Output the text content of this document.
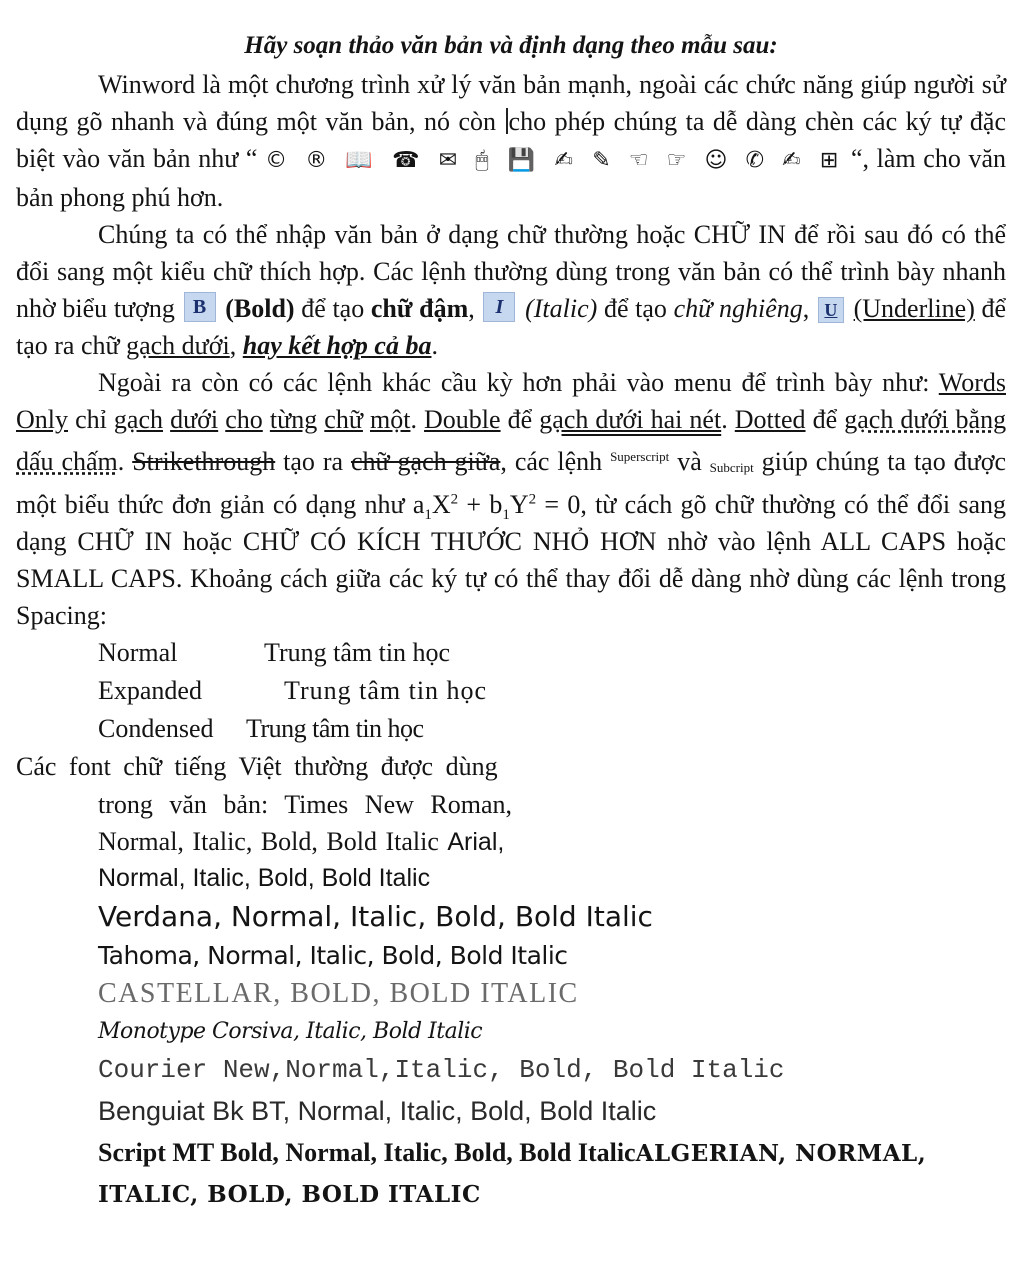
Hãy soạn thảo văn bản và định dạng theo mẫu sau:

Winword là một chương trình xử lý văn bản mạnh, ngoài các chức năng giúp người sử dụng gõ nhanh và đúng một văn bản, nó còn cho phép chúng ta dễ dàng chèn các ký tự đặc biệt vào văn bản như “ © ® 📖 ☎ ✉ 🖱 💾 ✍ ✎ ☜ ☞ ☺ ✆ ✍ ⊞ “, làm cho văn bản phong phú hơn.

Chúng ta có thể nhập văn bản ở dạng chữ thường hoặc CHỮ IN để rồi sau đó có thể đổi sang một kiểu chữ thích hợp. Các lệnh thường dùng trong văn bản có thể trình bày nhanh nhờ biểu tượng B (Bold) để tạo chữ đậm, I (Italic) để tạo chữ nghiêng, U (Underline) để tạo ra chữ gạch dưới, hay kết hợp cả ba.

Ngoài ra còn có các lệnh khác cầu kỳ hơn phải vào menu để trình bày như: Words Only chỉ gạch dưới cho từng chữ một. Double để gạch dưới hai nét. Dotted để gạch dưới bằng dấu chấm. Strikethrough tạo ra chữ gạch giữa, các lệnh $^{Superscript}$ và Subcript giúp chúng ta tạo được một biểu thức đơn giản có dạng như $a_1X^2 + b_1Y^2 = 0$, từ cách gõ chữ thường có thể đổi sang dạng CHỮ IN hoặc CHỮ CÓ KÍCH THƯỚC NHỎ HƠN nhờ vào lệnh ALL CAPS hoặc SMALL CAPS. Khoảng cách giữa các ký tự có thể thay đổi dễ dàng nhờ dùng các lệnh trong Spacing:

Normal	Trung tâm tin học
Expanded	Trung tâm tin học
Condensed Trung tâm tin học
Các font chữ tiếng Việt thường được dùng
trong văn bản: Times New Roman,
Normal, Italic, Bold, Bold Italic Arial,
Normal, Italic, Bold, Bold Italic
Verdana, Normal, Italic, Bold, Bold Italic
Tahoma, Normal, Italic, Bold, Bold Italic
CASTELLAR, BOLD, BOLD ITALIC
Monotype Corsiva, Italic, Bold Italic
Courier New,Normal,Italic, Bold, Bold Italic
Benguiat Bk BT, Normal, Italic, Bold, Bold Italic
Script MT Bold, Normal, Italic, Bold, Bold ItalicALGERIAN, NORMAL, ITALIC, BOLD, BOLD ITALIC
